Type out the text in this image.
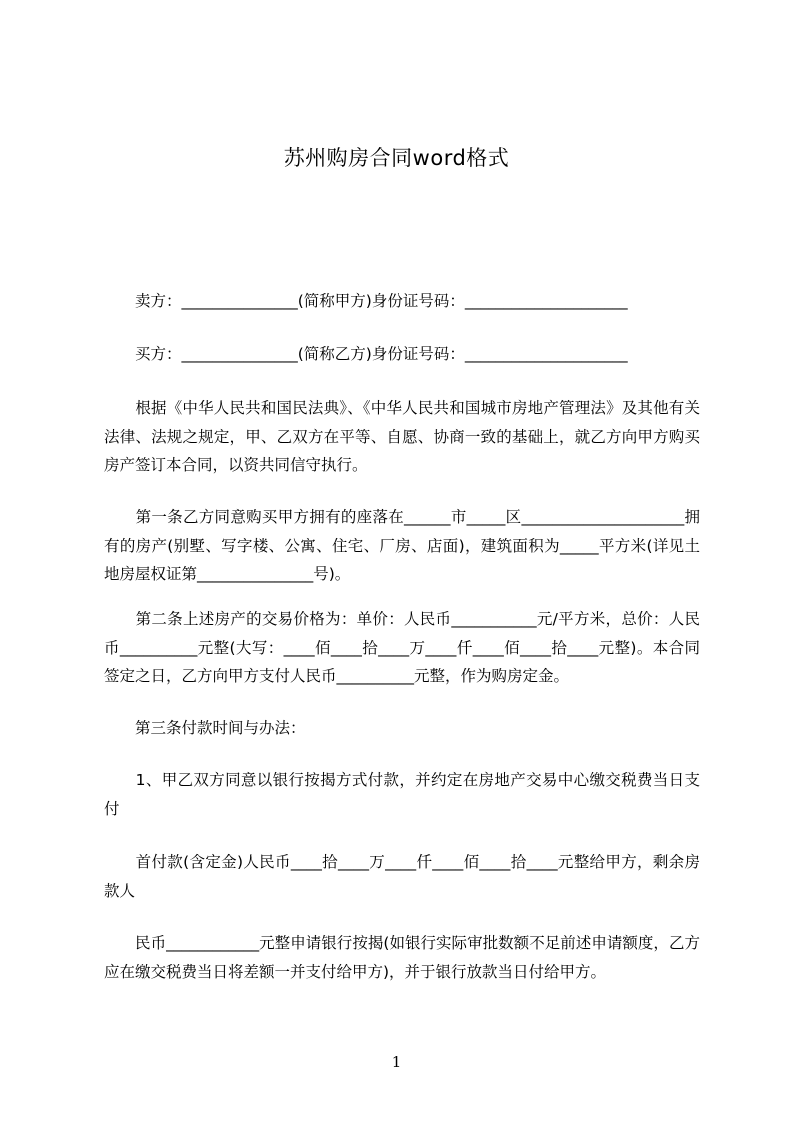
苏州购房合同word格式

　　卖方：_______________(简称甲方)身份证号码：_____________________

　　买方：_______________(简称乙方)身份证号码：_____________________

　　根据《中华人民共和国民法典》、《中华人民共和国城市房地产管理法》及其他有关法律、法规之规定，甲、乙双方在平等、自愿、协商一致的基础上，就乙方向甲方购买房产签订本合同，以资共同信守执行。

　　第一条乙方同意购买甲方拥有的座落在______市_____区_____________________拥有的房产(别墅、写字楼、公寓、住宅、厂房、店面)，建筑面积为_____平方米(详见土地房屋权证第_______________号)。

　　第二条上述房产的交易价格为：单价：人民币___________元/平方米，总价：人民币__________元整(大写：____佰____拾____万____仟____佰____拾____元整)。本合同签定之日，乙方向甲方支付人民币__________元整，作为购房定金。

　　第三条付款时间与办法：

　　1、甲乙双方同意以银行按揭方式付款，并约定在房地产交易中心缴交税费当日支付

　　首付款(含定金)人民币____拾____万____仟____佰____拾____元整给甲方，剩余房款人

　　民币____________元整申请银行按揭(如银行实际审批数额不足前述申请额度，乙方应在缴交税费当日将差额一并支付给甲方)，并于银行放款当日付给甲方。

1
